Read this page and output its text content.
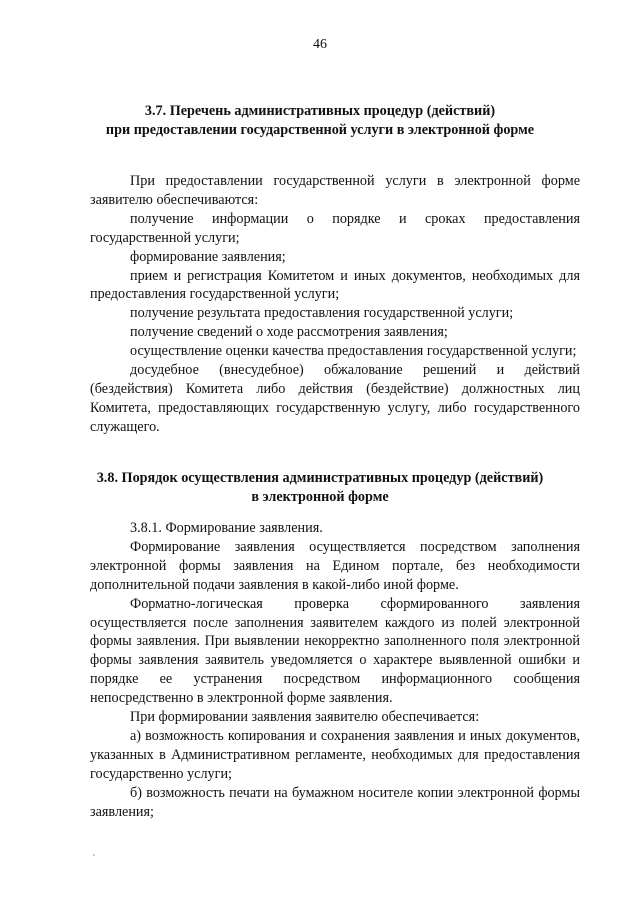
46
3.7. Перечень административных процедур (действий)
при предоставлении государственной услуги в электронной форме

При предоставлении государственной услуги в электронной форме заявителю обеспечиваются:

получение информации о порядке и сроках предоставления государственной услуги;

формирование заявления;

прием и регистрация Комитетом и иных документов, необходимых для предоставления государственной услуги;

получение результата предоставления государственной услуги;

получение сведений о ходе рассмотрения заявления;

осуществление оценки качества предоставления государственной услуги;

досудебное (внесудебное) обжалование решений и действий (бездействия) Комитета либо действия (бездействие) должностных лиц Комитета, предоставляющих государственную услугу, либо государственного служащего.

3.8. Порядок осуществления административных процедур (действий)
в электронной форме

3.8.1. Формирование заявления.

Формирование заявления осуществляется посредством заполнения электронной формы заявления на Едином портале, без необходимости дополнительной подачи заявления в какой-либо иной форме.

Форматно-логическая проверка сформированного заявления осуществляется после заполнения заявителем каждого из полей электронной формы заявления. При выявлении некорректно заполненного поля электронной формы заявления заявитель уведомляется о характере выявленной ошибки и порядке ее устранения посредством информационного сообщения непосредственно в электронной форме заявления.

При формировании заявления заявителю обеспечивается:

а) возможность копирования и сохранения заявления и иных документов, указанных в Административном регламенте, необходимых для предоставления государственно услуги;

б) возможность печати на бумажном носителе копии электронной формы заявления;
